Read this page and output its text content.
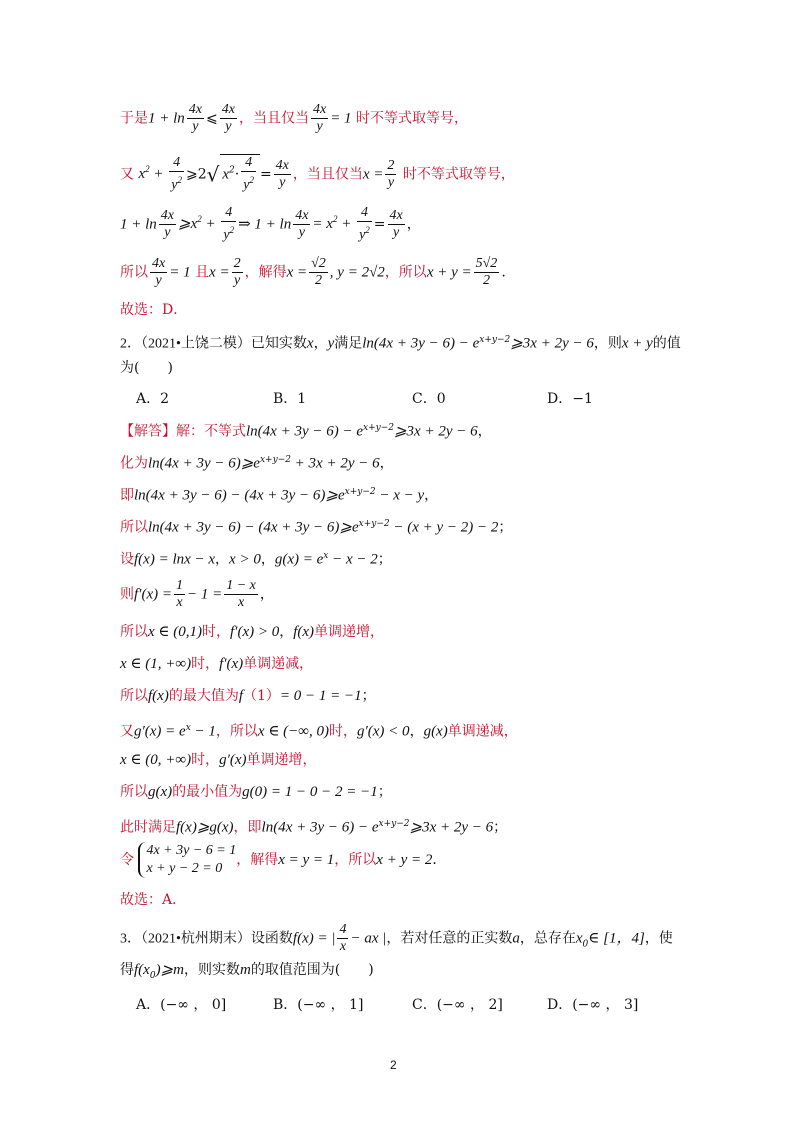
于是$1 + \ln \frac{4x}{y}$ ⩽ $\frac{4x}{y}$ ，当且仅当 $\frac{4x}{y} = 1$ 时不等式取等号，
又 $x^2 + \frac{4}{y^2}$ ⩾2√ $x^2\cdot \frac{4}{y^2} = \frac{4x}{y}$ ，当且仅当$x = \frac{2}{y}$ 时不等式取等号，
$1 + \ln \frac{4x}{y}$ $⩾x^2 + \frac{4}{y^2}$ ⇒ $1 + \ln \frac{4x}{y} = x^2 + \frac{4}{y^2} = \frac{4x}{y}$ ，
所以 $\frac{4x}{y} = 1$ 且$x = \frac{2}{y}$ ，解得$x = \frac{√2}{2}$ , y = 2√2，所以$x + y = \frac{5√2}{2}$ .
故选：D．
2．（2021•上饶二模）已知实数x，y满足$\ln(4x + 3y - 6) - e^{x+y-2}⩾3x + 2y - 6$，则x + y的值
为(　　)
A．2	B．1	C．0	D．−1
【解答】解：不等式$\ln(4x + 3y - 6) - e^{x+y-2}⩾3x + 2y - 6$，
化为$\ln(4x + 3y - 6)⩾e^{x+y-2} + 3x + 2y - 6$，
即$\ln(4x + 3y - 6) - (4x + 3y - 6)⩾e^{x+y-2} - x - y$，
所以$\ln(4x + 3y - 6) - (4x + 3y - 6)⩾e^{x+y-2} - (x + y - 2) - 2$；
设f(x) = lnx − x，x > 0，$g(x) = e^x - x - 2$；
则$f'(x) = \frac{1}{x} - 1 = \frac{1 - x}{x}$ ，
所以x ∈ (0,1)时，f′(x) > 0，f(x)单调递增，
x ∈ (1, +∞)时，f′(x)单调递减，
所以f(x)的最大值为f（1）= 0 − 1 = −1；
又$g'(x) = e^x - 1$，所以x ∈ (−∞, 0)时，g′(x) < 0，g(x)单调递减，
x ∈ (0, +∞)时，g′(x)单调递增，
所以g(x)的最小值为g(0) = 1 − 0 − 2 = −1；
此时满足f(x)⩾g(x)，即$\ln(4x + 3y - 6) - e^{x+y-2}⩾3x + 2y - 6$；
令
4x + 3y − 6 = 1
x + y − 2 = 0
，解得x = y = 1，所以x + y = 2．
故选：A．
3．（2021•杭州期末）设函数f(x) = | $\frac{4}{x}$ − ax |，若对任意的正实数a，总存在$x_0\in$ [1，4]，使
得$f(x_0)⩾m$，则实数m的取值范围为(　　)
A．(−∞ ， 0]	B．(−∞ ， 1]	C．(−∞ ， 2]	D．(−∞ ， 3]
2
